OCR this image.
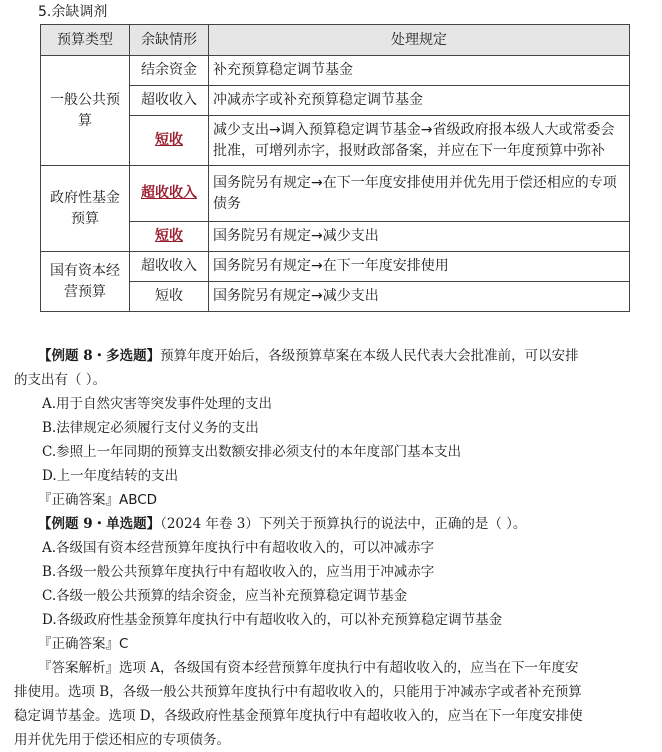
5.余缺调剂
预算类型	余缺情形	处理规定
一般公共预算	结余资金	补充预算稳定调节基金
	超收收入	冲减赤字或补充预算稳定调节基金
	短收	减少支出→调入预算稳定调节基金→省级政府报本级人大或常委会批准，可增列赤字，报财政部备案，并应在下一年度预算中弥补
政府性基金预算	超收收入	国务院另有规定→在下一年度安排使用并优先用于偿还相应的专项债务
	短收	国务院另有规定→减少支出
国有资本经营预算	超收收入	国务院另有规定→在下一年度安排使用
	短收	国务院另有规定→减少支出
【例题 8・多选题】预算年度开始后，各级预算草案在本级人民代表大会批准前，可以安排
的支出有（ ）。
A.用于自然灾害等突发事件处理的支出
B.法律规定必须履行支付义务的支出
C.参照上一年同期的预算支出数额安排必须支付的本年度部门基本支出
D.上一年度结转的支出
『正确答案』ABCD
【例题 9・单选题】（2024 年卷 3）下列关于预算执行的说法中，正确的是（ ）。
A.各级国有资本经营预算年度执行中有超收收入的，可以冲减赤字
B.各级一般公共预算年度执行中有超收收入的，应当用于冲减赤字
C.各级一般公共预算的结余资金，应当补充预算稳定调节基金
D.各级政府性基金预算年度执行中有超收收入的，可以补充预算稳定调节基金
『正确答案』C
『答案解析』选项 A，各级国有资本经营预算年度执行中有超收收入的，应当在下一年度安
排使用。选项 B，各级一般公共预算年度执行中有超收收入的，只能用于冲减赤字或者补充预算
稳定调节基金。选项 D，各级政府性基金预算年度执行中有超收收入的，应当在下一年度安排使
用并优先用于偿还相应的专项债务。
